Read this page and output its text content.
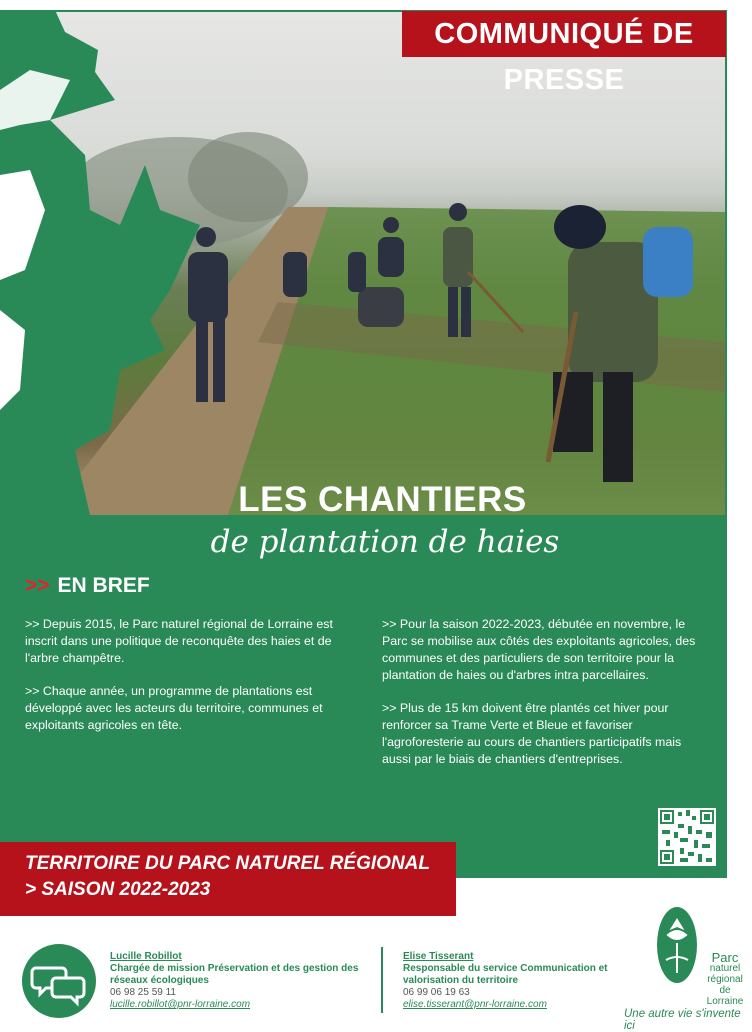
COMMUNIQUÉ DE PRESSE
LES CHANTIERS
de plantation de haies
>> EN BREF

>> Depuis 2015, le Parc naturel régional de Lorraine est inscrit dans une politique de reconquête des haies et de l'arbre champêtre.

>> Chaque année, un programme de plantations est développé avec les acteurs du territoire, communes et exploitants agricoles en tête.

>> Pour la saison 2022-2023, débutée en novembre, le Parc se mobilise aux côtés des exploitants agricoles, des communes et des particuliers de son territoire pour la plantation de haies ou d'arbres intra parcellaires.

>> Plus de 15 km doivent être plantés cet hiver pour renforcer sa Trame Verte et Bleue et favoriser l'agroforesterie au cours de chantiers participatifs mais aussi par le biais de chantiers d'entreprises.

TERRITOIRE DU PARC NATUREL RÉGIONAL
> SAISON 2022-2023
Lucille Robillot
Chargée de mission Préservation et des gestion des réseaux écologiques
06 98 25 59 11
lucille.robillot@pnr-lorraine.com
Elise Tisserant
Responsable du service Communication et valorisation du territoire
06 99 06 19 63
elise.tisserant@pnr-lorraine.com
Parc
naturel
régional
de Lorraine
Une autre vie s'invente ici
